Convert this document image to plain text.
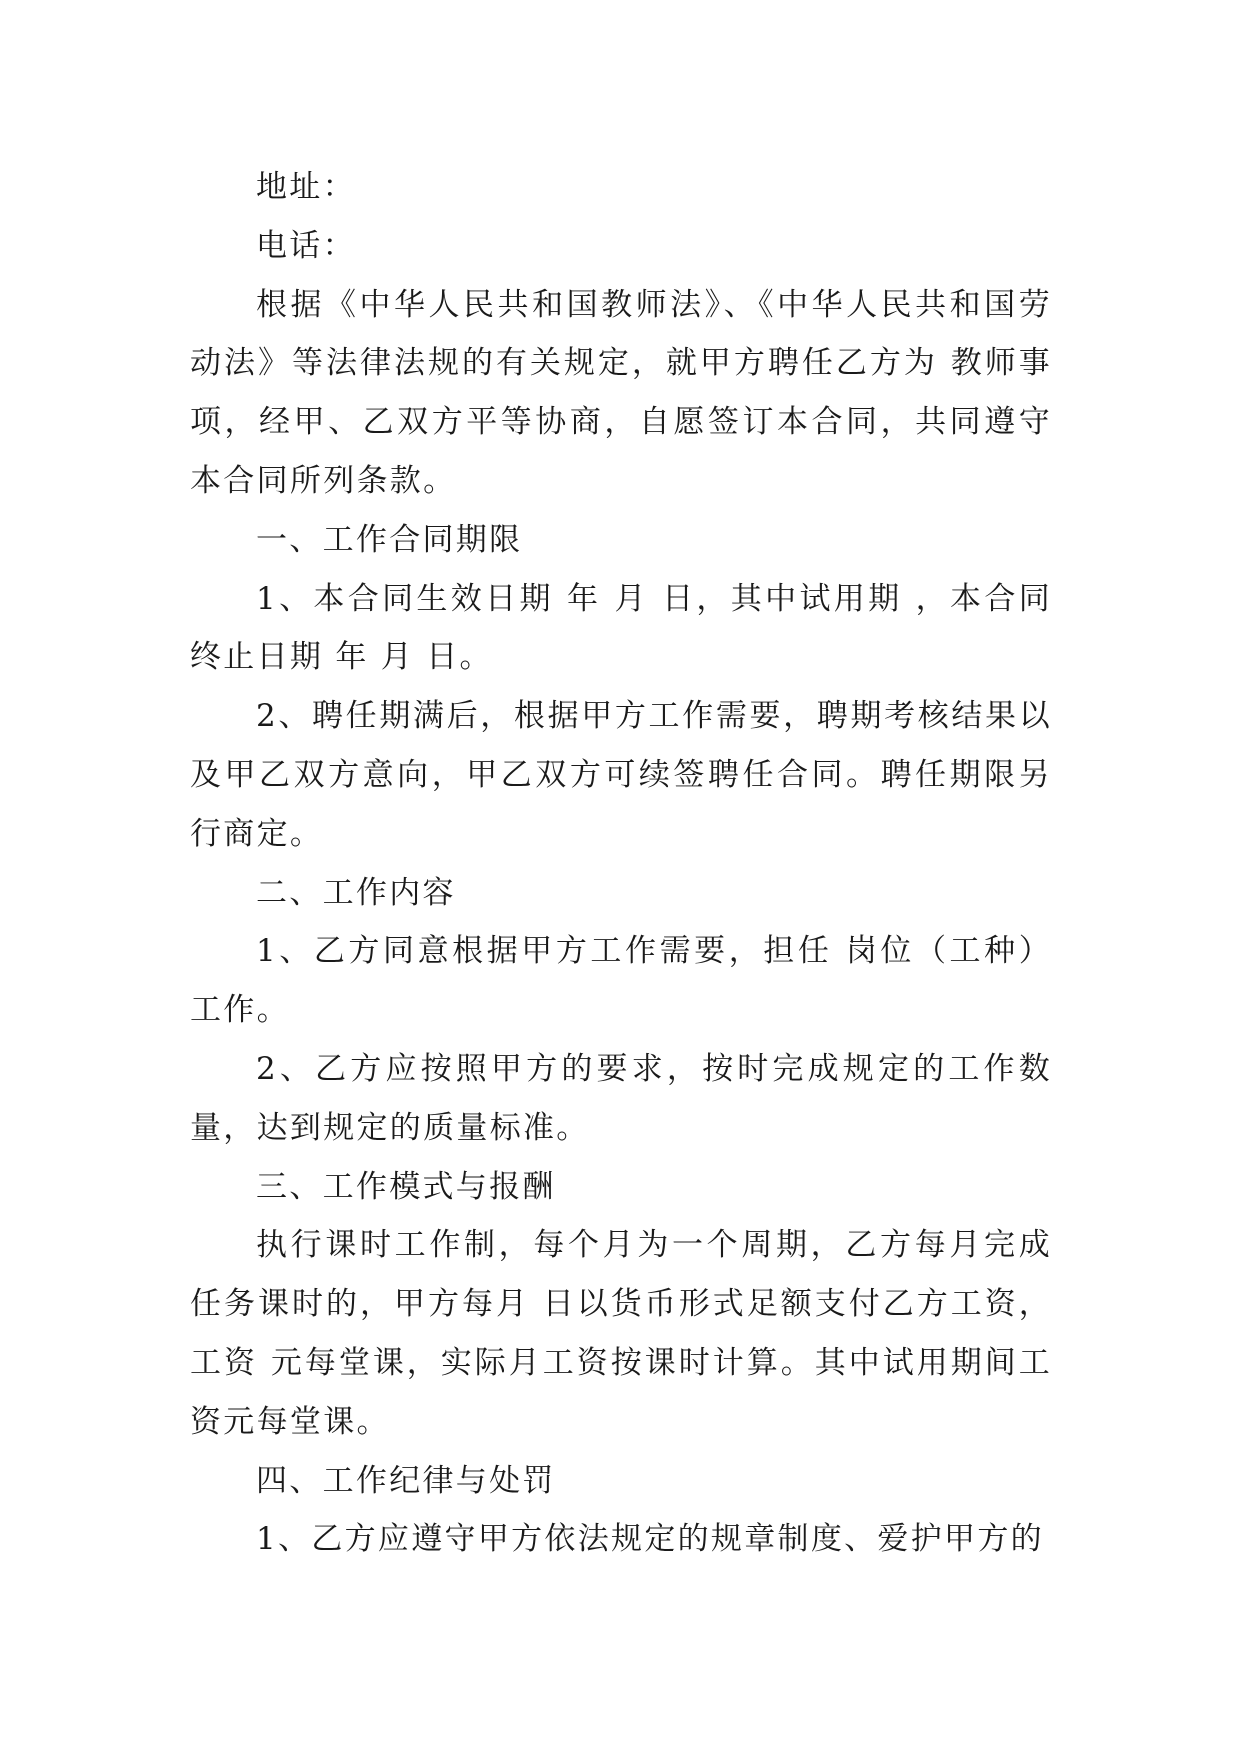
地址：

电话：

根据《中华人民共和国教师法》、《中华人民共和国劳动法》等法律法规的有关规定，就甲方聘任乙方为 教师事项，经甲、乙双方平等协商，自愿签订本合同，共同遵守本合同所列条款。

一、工作合同期限

1、本合同生效日期 年 月 日，其中试用期 ，本合同终止日期 年 月 日。

2、聘任期满后，根据甲方工作需要，聘期考核结果以及甲乙双方意向，甲乙双方可续签聘任合同。聘任期限另行商定。

二、工作内容

1、乙方同意根据甲方工作需要，担任 岗位（工种）工作。

2、乙方应按照甲方的要求，按时完成规定的工作数量，达到规定的质量标准。

三、工作模式与报酬

执行课时工作制，每个月为一个周期，乙方每月完成任务课时的，甲方每月 日以货币形式足额支付乙方工资，工资 元每堂课，实际月工资按课时计算。其中试用期间工资元每堂课。

四、工作纪律与处罚

1、乙方应遵守甲方依法规定的规章制度、爱护甲方的
